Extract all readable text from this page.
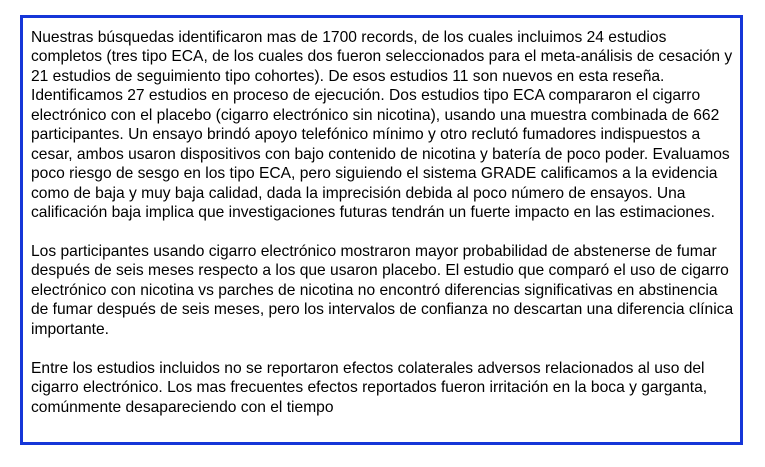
Nuestras búsquedas identificaron mas de 1700 records, de los cuales incluimos 24 estudios completos (tres tipo ECA, de los cuales dos fueron seleccionados para el meta-análisis de cesación y 21 estudios de seguimiento tipo cohortes). De esos estudios 11 son nuevos en esta reseña. Identificamos 27 estudios en proceso de ejecución. Dos estudios tipo ECA compararon el cigarro electrónico con el placebo (cigarro electrónico sin nicotina), usando una muestra combinada de 662 participantes. Un ensayo brindó apoyo telefónico mínimo y otro reclutó fumadores indispuestos a cesar, ambos usaron dispositivos con bajo contenido de nicotina y batería de poco poder. Evaluamos poco riesgo de sesgo en los tipo ECA, pero siguiendo el sistema GRADE calificamos a la evidencia como de baja y muy baja calidad, dada la imprecisión debida al poco número de ensayos. Una calificación baja implica que investigaciones futuras tendrán un fuerte impacto en las estimaciones.

Los participantes usando cigarro electrónico mostraron mayor probabilidad de abstenerse de fumar después de seis meses respecto a los que usaron placebo. El estudio que comparó el uso de cigarro electrónico con nicotina vs parches de nicotina no encontró diferencias significativas en abstinencia de fumar después de seis meses, pero los intervalos de confianza no descartan una diferencia clínica importante.

Entre los estudios incluidos no se reportaron efectos colaterales adversos relacionados al uso del cigarro electrónico. Los mas frecuentes efectos reportados fueron irritación en la boca y garganta, comúnmente desapareciendo con el tiempo
